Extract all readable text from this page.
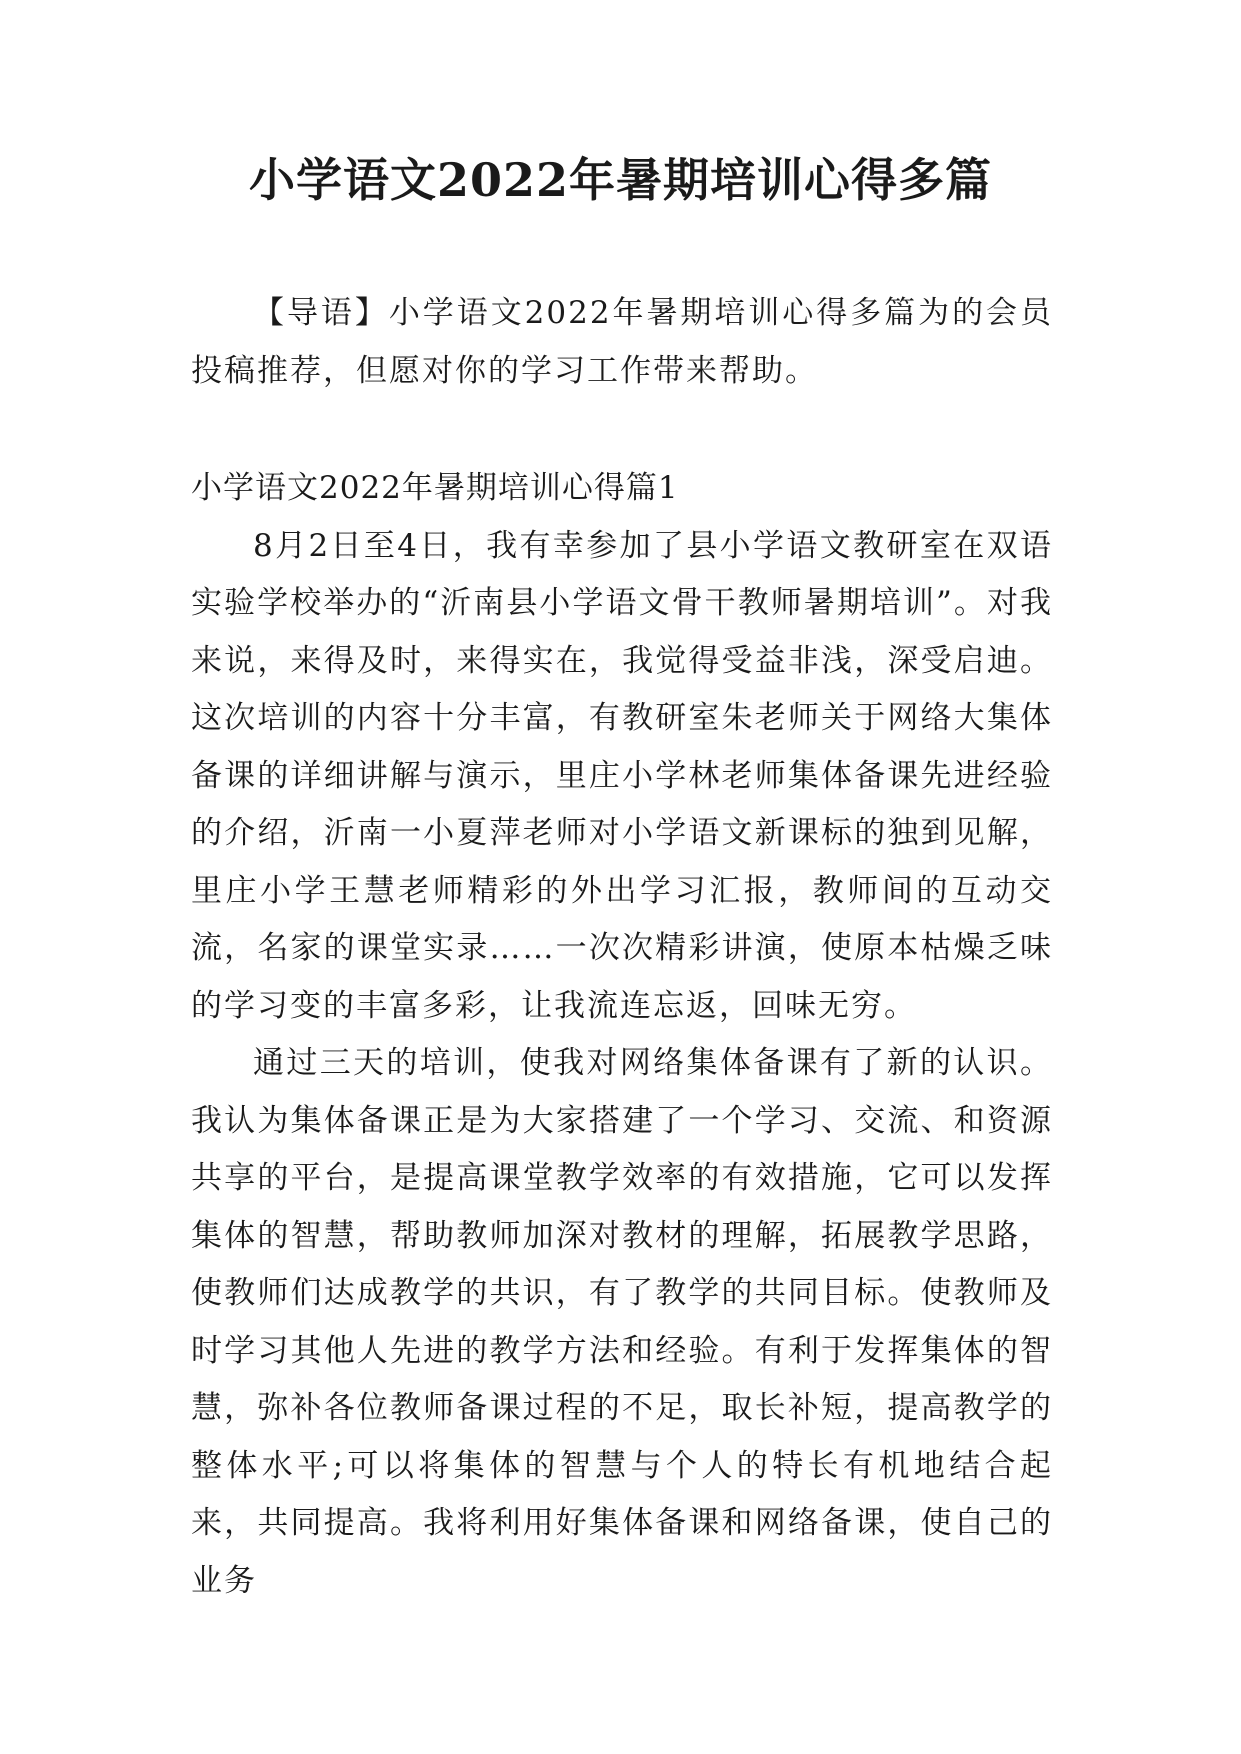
小学语文2022年暑期培训心得多篇

【导语】小学语文2022年暑期培训心得多篇为的会员投稿推荐，但愿对你的学习工作带来帮助。

小学语文2022年暑期培训心得篇1

8月2日至4日，我有幸参加了县小学语文教研室在双语实验学校举办的“沂南县小学语文骨干教师暑期培训”。对我来说，来得及时，来得实在，我觉得受益非浅，深受启迪。这次培训的内容十分丰富，有教研室朱老师关于网络大集体备课的详细讲解与演示，里庄小学林老师集体备课先进经验的介绍，沂南一小夏萍老师对小学语文新课标的独到见解，里庄小学王慧老师精彩的外出学习汇报，教师间的互动交流，名家的课堂实录……一次次精彩讲演，使原本枯燥乏味的学习变的丰富多彩，让我流连忘返，回味无穷。

通过三天的培训，使我对网络集体备课有了新的认识。我认为集体备课正是为大家搭建了一个学习、交流、和资源共享的平台，是提高课堂教学效率的有效措施，它可以发挥集体的智慧，帮助教师加深对教材的理解，拓展教学思路，使教师们达成教学的共识，有了教学的共同目标。使教师及时学习其他人先进的教学方法和经验。有利于发挥集体的智慧，弥补各位教师备课过程的不足，取长补短，提高教学的整体水平;可以将集体的智慧与个人的特长有机地结合起来，共同提高。我将利用好集体备课和网络备课，使自己的业务
